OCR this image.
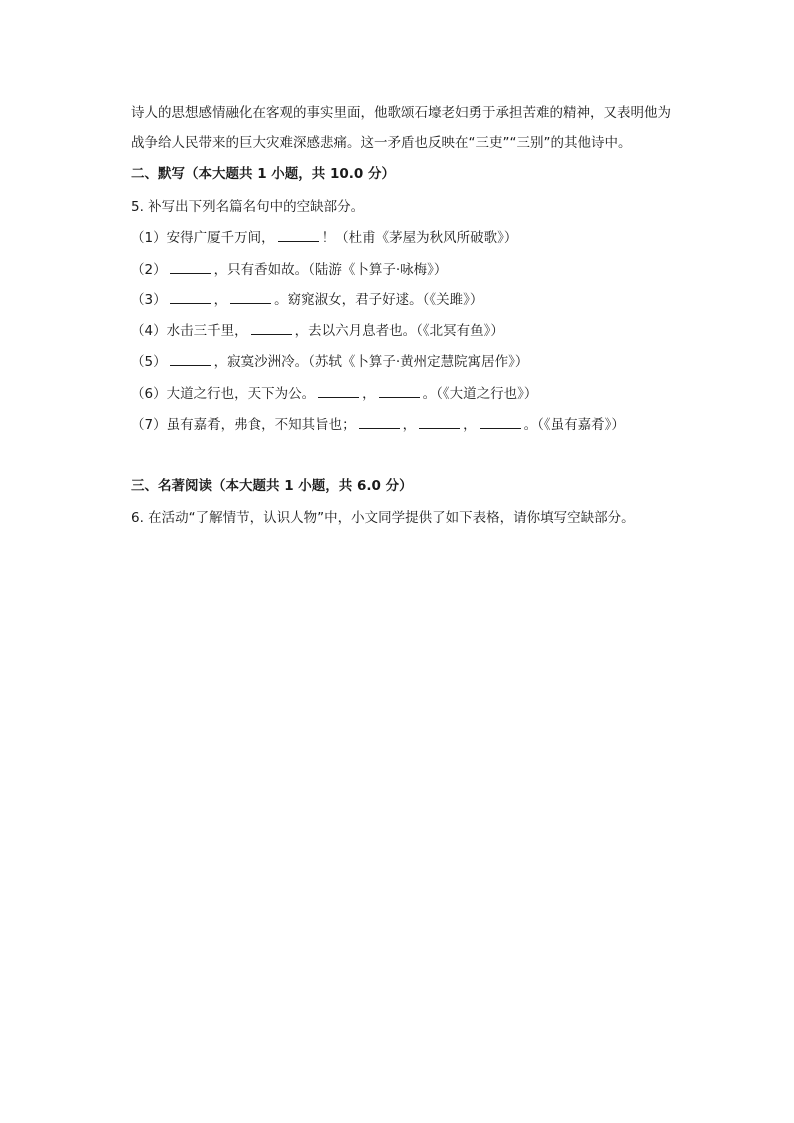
诗人的思想感情融化在客观的事实里面，他歌颂石壕老妇勇于承担苦难的精神，又表明他为
战争给人民带来的巨大灾难深感悲痛。这一矛盾也反映在“三吏”“三别”的其他诗中。
二、默写（本大题共 1 小题，共 10.0 分）
5. 补写出下列名篇名句中的空缺部分。
（1）安得广厦千万间，	！（杜甫《茅屋为秋风所破歌》）
（2）	，只有香如故。（陆游《卜算子·咏梅》）
（3）	，	。窈窕淑女，君子好逑。（《关雎》）
（4）水击三千里，	，去以六月息者也。（《北冥有鱼》）
（5）	，寂寞沙洲冷。（苏轼《卜算子·黄州定慧院寓居作》）
（6）大道之行也，天下为公。	，	。（《大道之行也》）
（7）虽有嘉肴，弗食，不知其旨也；	，	，	。（《虽有嘉肴》）
三、名著阅读（本大题共 1 小题，共 6.0 分）
6. 在活动“了解情节，认识人物”中，小文同学提供了如下表格，请你填写空缺部分。
